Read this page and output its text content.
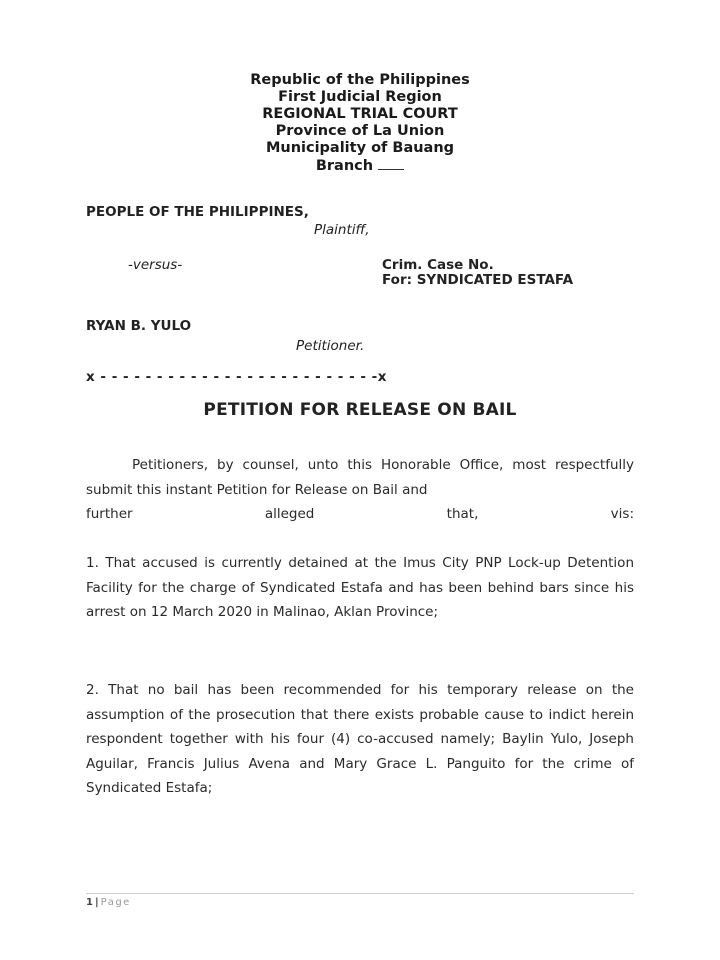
Republic of the Philippines
First Judicial Region
REGIONAL TRIAL COURT
Province of La Union
Municipality of Bauang
Branch
PEOPLE OF THE PHILIPPINES,
Plaintiff,
-versus-	Crim. Case No.
For: SYNDICATED ESTAFA
RYAN B. YULO
Petitioner.
x - - - - - - - - - - - - - - - - - - - - - - - - -x
PETITION FOR RELEASE ON BAIL
Petitioners, by counsel, unto this Honorable Office, most respectfully submit this instant Petition for Release on Bail and
further alleged that, vis:
1. That accused is currently detained at the Imus City PNP Lock-up Detention Facility for the charge of Syndicated Estafa and has been behind bars since his arrest on 12 March 2020 in Malinao, Aklan Province;
2. That no bail has been recommended for his temporary release on the assumption of the prosecution that there exists probable cause to indict herein respondent together with his four (4) co-accused namely; Baylin Yulo, Joseph Aguilar, Francis Julius Avena and Mary Grace L. Panguito for the crime of Syndicated Estafa;
1 | Page
